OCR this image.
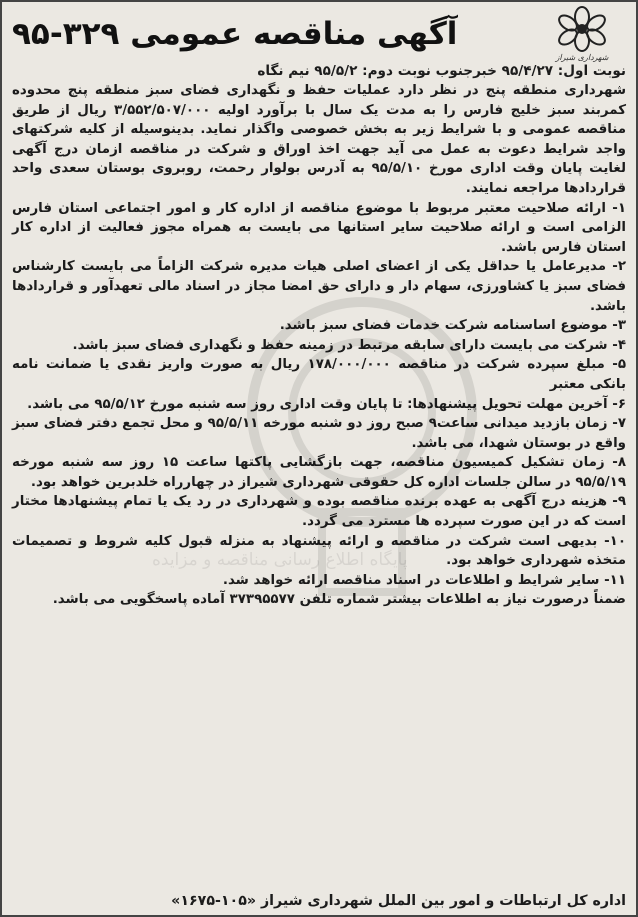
پایگاه اطلاع رسانی مناقصه و مزایده
شهرداری شیراز
آگهی مناقصه عمومی ۳۲۹-۹۵
نوبت اول: ۹۵/۴/۲۷ خبرجنوب نوبت دوم: ۹۵/۵/۲ نیم نگاه

شهرداری منطقه پنج در نظر دارد عملیات حفظ و نگهداری فضای سبز منطقه پنج محدوده کمربند سبز خلیج فارس را به مدت یک سال با برآورد اولیه ۳/۵۵۲/۵۰۷/۰۰۰ ریال از طریق مناقصه عمومی و با شرایط زیر به بخش خصوصی واگذار نماید. بدینوسیله از کلیه شرکتهای واجد شرایط دعوت به عمل می آید جهت اخذ اوراق و شرکت در مناقصه ازمان درج آگهی لغایت پایان وقت اداری مورخ ۹۵/۵/۱۰ به آدرس بولوار رحمت، روبروی بوستان سعدی واحد قراردادها مراجعه نمایند.

۱- ارائه صلاحیت معتبر مربوط با موضوع مناقصه از اداره کار و امور اجتماعی استان فارس الزامی است و ارائه صلاحیت سایر استانها می بایست به همراه مجوز فعالیت از اداره کار استان فارس باشد.

۲- مدیرعامل یا حداقل یکی از اعضای اصلی هیات مدیره شرکت الزاماً می بایست کارشناس فضای سبز یا کشاورزی، سهام دار و دارای حق امضا مجاز در اسناد مالی تعهدآور و قراردادها باشد.

۳- موضوع اساسنامه شرکت خدمات فضای سبز باشد.

۴- شرکت می بایست دارای سابقه مرتبط در زمینه حفظ و نگهداری فضای سبز باشد.

۵- مبلغ سپرده شرکت در مناقصه ۱۷۸/۰۰۰/۰۰۰ ریال به صورت واریز نقدی یا ضمانت نامه بانکی معتبر

۶- آخرین مهلت تحویل پیشنهادها: تا پایان وقت اداری روز سه شنبه مورخ ۹۵/۵/۱۲ می باشد.

۷- زمان بازدید میدانی ساعت۹ صبح روز دو شنبه مورخه ۹۵/۵/۱۱ و محل تجمع دفتر فضای سبز واقع در بوستان شهدا، می باشد.

۸- زمان تشکیل کمیسیون مناقصه، جهت بازگشایی پاکتها ساعت ۱۵ روز سه شنبه مورخه ۹۵/۵/۱۹ در سالن جلسات اداره کل حقوقی شهرداری شیراز در چهارراه خلدبرین خواهد بود.

۹- هزینه درج آگهی به عهده برنده مناقصه بوده و شهرداری در رد یک یا تمام پیشنهادها مختار است که در این صورت سپرده ها مسترد می گردد.

۱۰- بدیهی است شرکت در مناقصه و ارائه پیشنهاد به منزله قبول کلیه شروط و تصمیمات متخذه شهرداری خواهد بود.

۱۱- سایر شرایط و اطلاعات در اسناد مناقصه ارائه خواهد شد.

ضمناً درصورت نیاز به اطلاعات بیشتر شماره تلفن ۳۷۳۹۵۵۷۷ آماده پاسخگویی می باشد.

اداره کل ارتباطات و امور بین الملل شهرداری شیراز «۱۰۵-۱۶۷۵»
